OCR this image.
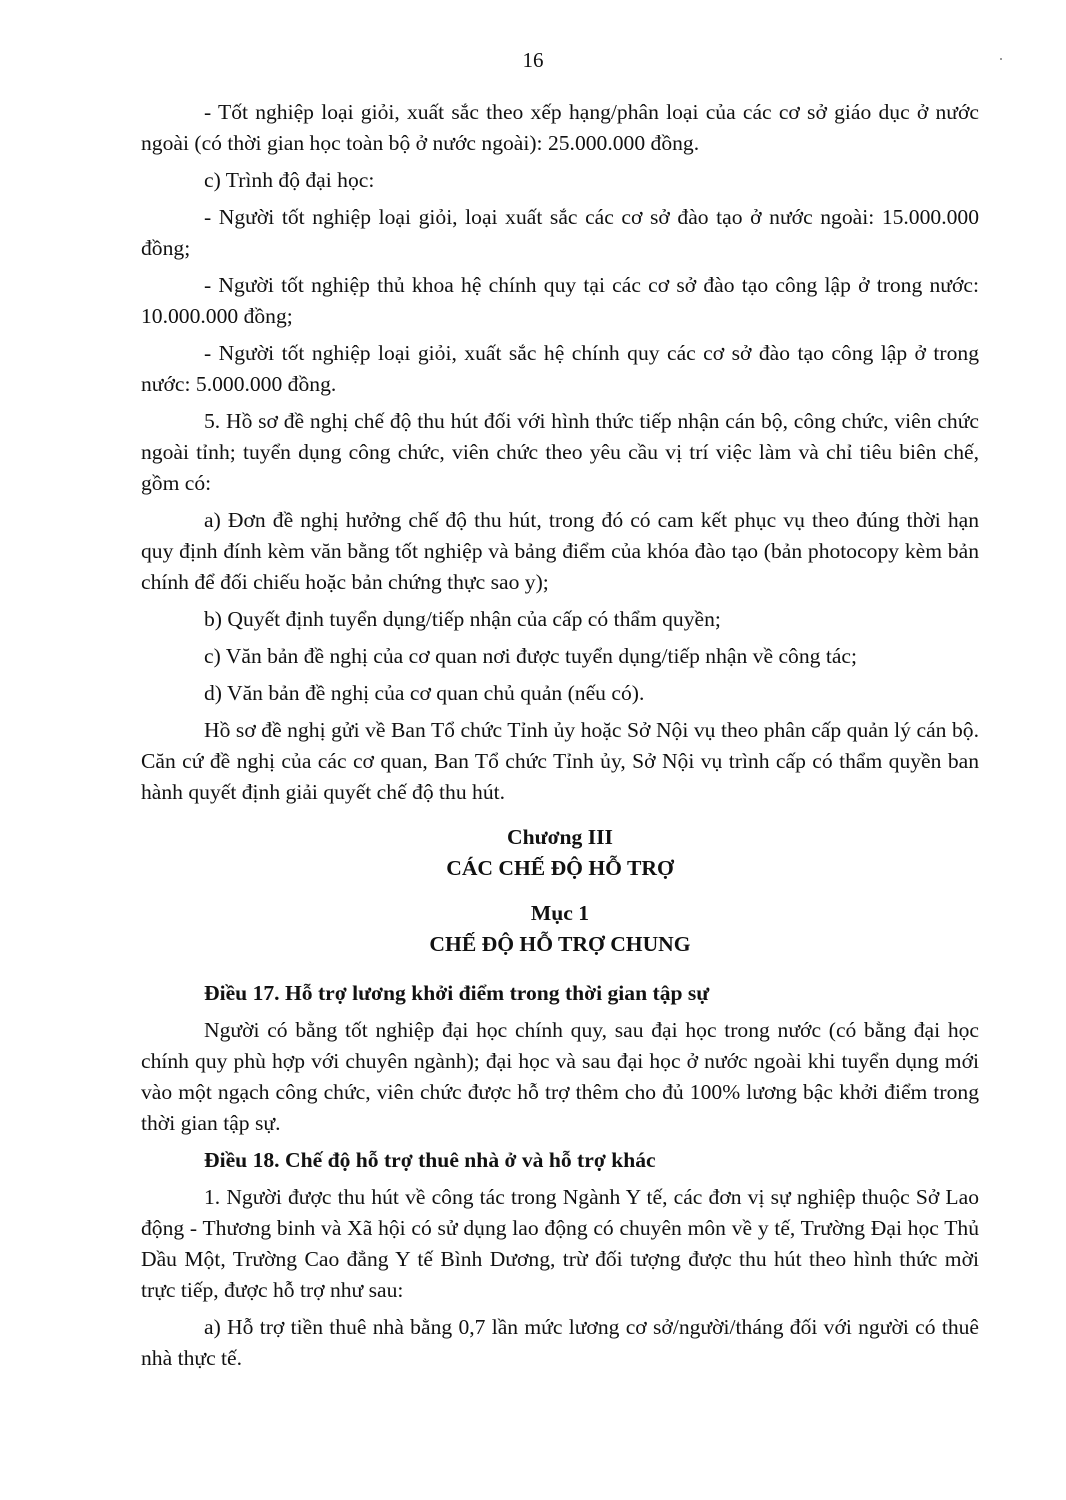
16

- Tốt nghiệp loại giỏi, xuất sắc theo xếp hạng/phân loại của các cơ sở giáo dục ở nước ngoài (có thời gian học toàn bộ ở nước ngoài): 25.000.000 đồng.

c) Trình độ đại học:

- Người tốt nghiệp loại giỏi, loại xuất sắc các cơ sở đào tạo ở nước ngoài: 15.000.000 đồng;

- Người tốt nghiệp thủ khoa hệ chính quy tại các cơ sở đào tạo công lập ở trong nước: 10.000.000 đồng;

- Người tốt nghiệp loại giỏi, xuất sắc hệ chính quy các cơ sở đào tạo công lập ở trong nước: 5.000.000 đồng.

5. Hồ sơ đề nghị chế độ thu hút đối với hình thức tiếp nhận cán bộ, công chức, viên chức ngoài tỉnh; tuyển dụng công chức, viên chức theo yêu cầu vị trí việc làm và chỉ tiêu biên chế, gồm có:

a) Đơn đề nghị hưởng chế độ thu hút, trong đó có cam kết phục vụ theo đúng thời hạn quy định đính kèm văn bằng tốt nghiệp và bảng điểm của khóa đào tạo (bản photocopy kèm bản chính để đối chiếu hoặc bản chứng thực sao y);

b) Quyết định tuyển dụng/tiếp nhận của cấp có thẩm quyền;

c) Văn bản đề nghị của cơ quan nơi được tuyển dụng/tiếp nhận về công tác;

d) Văn bản đề nghị của cơ quan chủ quản (nếu có).

Hồ sơ đề nghị gửi về Ban Tổ chức Tỉnh ủy hoặc Sở Nội vụ theo phân cấp quản lý cán bộ. Căn cứ đề nghị của các cơ quan, Ban Tổ chức Tỉnh ủy, Sở Nội vụ trình cấp có thẩm quyền ban hành quyết định giải quyết chế độ thu hút.

Chương III
CÁC CHẾ ĐỘ HỖ TRỢ
Mục 1
CHẾ ĐỘ HỖ TRỢ CHUNG
Điều 17. Hỗ trợ lương khởi điểm trong thời gian tập sự

Người có bằng tốt nghiệp đại học chính quy, sau đại học trong nước (có bằng đại học chính quy phù hợp với chuyên ngành); đại học và sau đại học ở nước ngoài khi tuyển dụng mới vào một ngạch công chức, viên chức được hỗ trợ thêm cho đủ 100% lương bậc khởi điểm trong thời gian tập sự.

Điều 18. Chế độ hỗ trợ thuê nhà ở và hỗ trợ khác

1. Người được thu hút về công tác trong Ngành Y tế, các đơn vị sự nghiệp thuộc Sở Lao động - Thương binh và Xã hội có sử dụng lao động có chuyên môn về y tế, Trường Đại học Thủ Dầu Một, Trường Cao đẳng Y tế Bình Dương, trừ đối tượng được thu hút theo hình thức mời trực tiếp, được hỗ trợ như sau:

a) Hỗ trợ tiền thuê nhà bằng 0,7 lần mức lương cơ sở/người/tháng đối với người có thuê nhà thực tế.
